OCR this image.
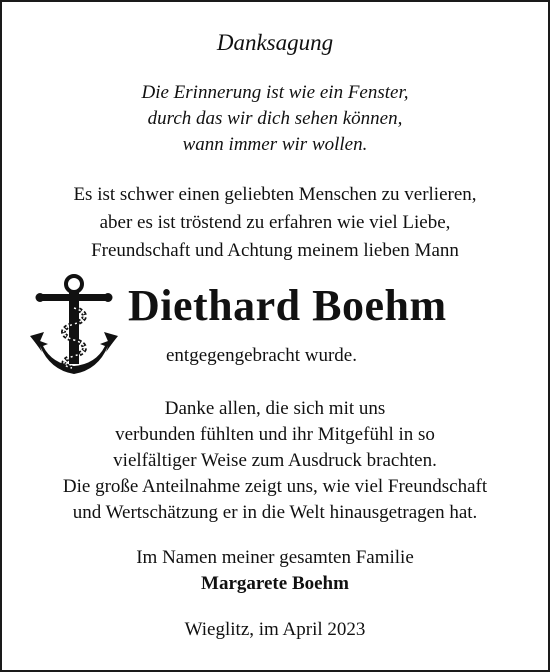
Danksagung
Die Erinnerung ist wie ein Fenster,
durch das wir dich sehen können,
wann immer wir wollen.
Es ist schwer einen geliebten Menschen zu verlieren,
aber es ist tröstend zu erfahren wie viel Liebe,
Freundschaft und Achtung meinem lieben Mann
Diethard Boehm
entgegengebracht wurde.
Danke allen, die sich mit uns
verbunden fühlten und ihr Mitgefühl in so
vielfältiger Weise zum Ausdruck brachten.
Die große Anteilnahme zeigt uns, wie viel Freundschaft
und Wertschätzung er in die Welt hinausgetragen hat.
Im Namen meiner gesamten Familie
Margarete Boehm
Wieglitz, im April 2023
